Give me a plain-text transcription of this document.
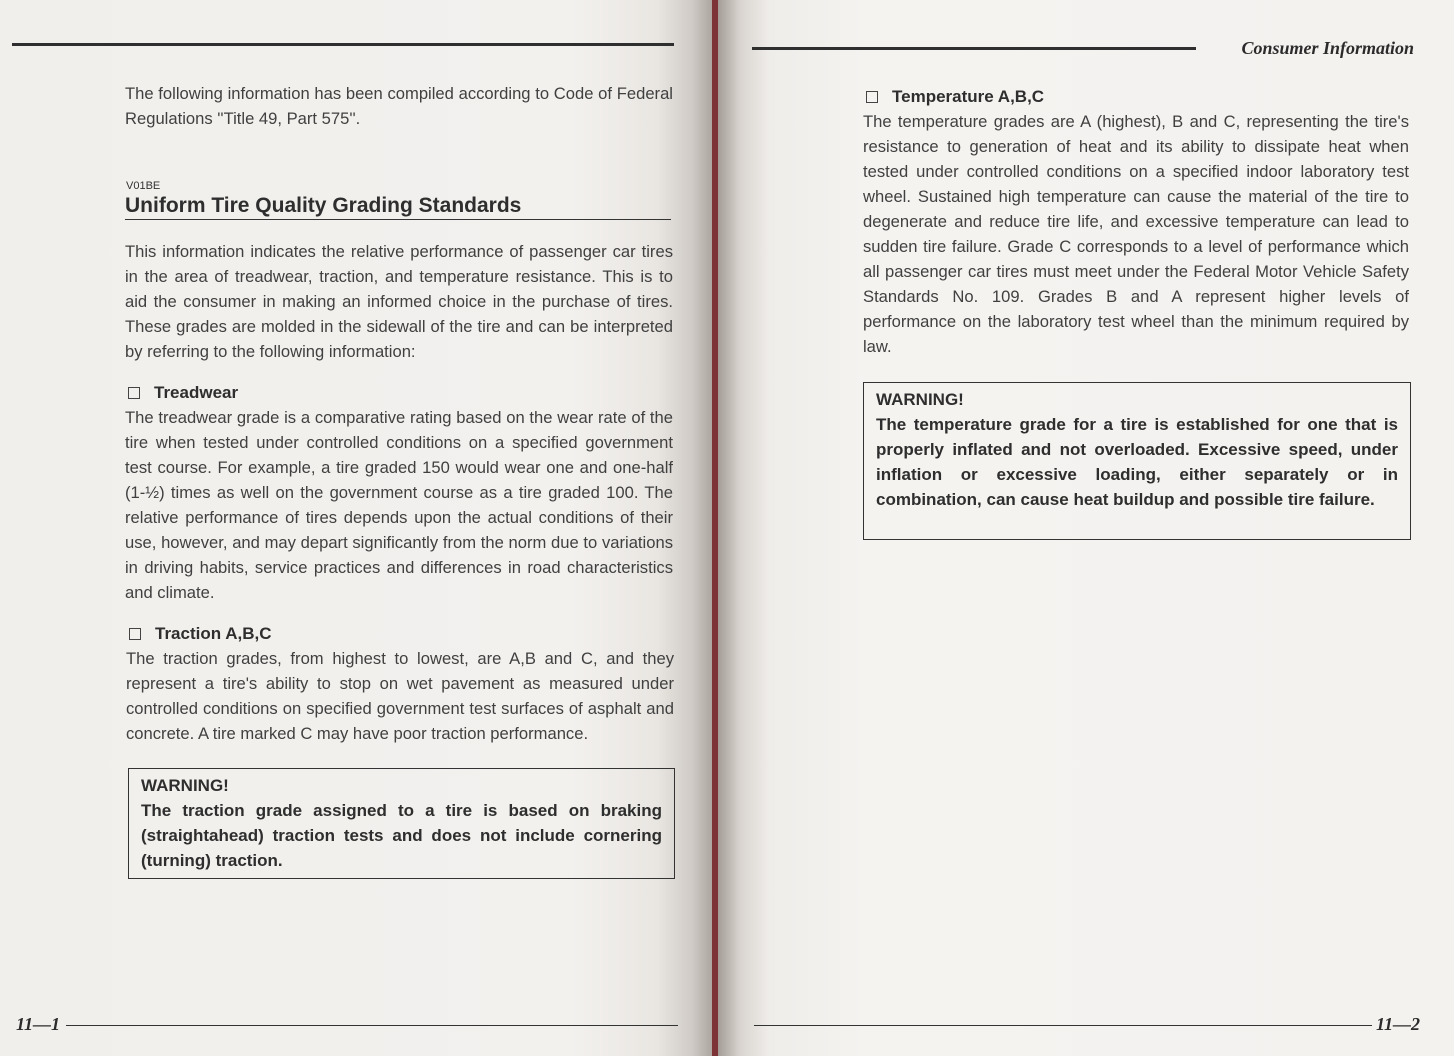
The following information has been compiled according to Code of Federal Regulations ''Title 49, Part 575''.
V01BE
Uniform Tire Quality Grading Standards
This information indicates the relative performance of passenger car tires in the area of treadwear, traction, and temperature resistance. This is to aid the consumer in making an informed choice in the purchase of tires. These grades are molded in the sidewall of the tire and can be interpreted by referring to the following information:
Treadwear
The treadwear grade is a comparative rating based on the wear rate of the tire when tested under controlled conditions on a specified government test course. For example, a tire graded 150 would wear one and one-half (1-½) times as well on the government course as a tire graded 100. The relative performance of tires depends upon the actual conditions of their use, however, and may depart significantly from the norm due to variations in driving habits, service practices and differences in road characteristics and climate.
Traction A,B,C
The traction grades, from highest to lowest, are A,B and C, and they represent a tire's ability to stop on wet pavement as measured under controlled conditions on specified government test surfaces of asphalt and concrete. A tire marked C may have poor traction performance.
WARNING!
The traction grade assigned to a tire is based on braking (straightahead) traction tests and does not include cornering (turning) traction.
11—1
Consumer Information
Temperature A,B,C
The temperature grades are A (highest), B and C, representing the tire's resistance to generation of heat and its ability to dissipate heat when tested under controlled conditions on a specified indoor laboratory test wheel. Sustained high temperature can cause the material of the tire to degenerate and reduce tire life, and excessive temperature can lead to sudden tire failure. Grade C corresponds to a level of performance which all passenger car tires must meet under the Federal Motor Vehicle Safety Standards No. 109. Grades B and A represent higher levels of performance on the laboratory test wheel than the minimum required by law.
WARNING!
The temperature grade for a tire is established for one that is properly inflated and not overloaded. Excessive speed, under inflation or excessive loading, either separately or in combination, can cause heat buildup and possible tire failure.
11—2
